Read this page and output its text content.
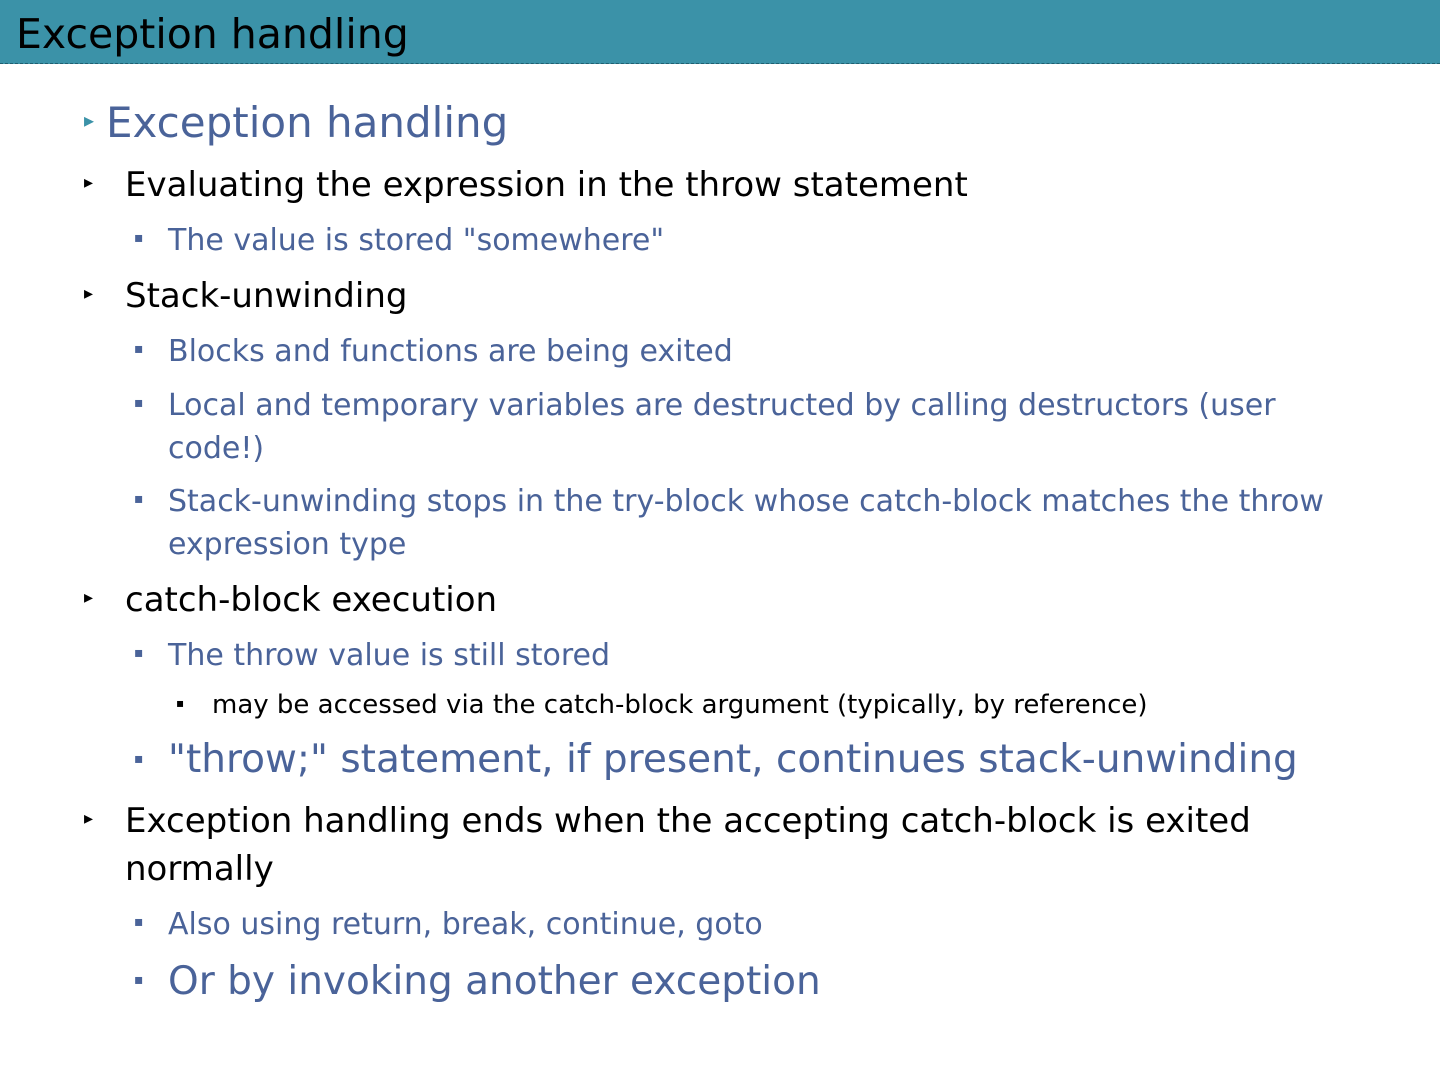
Exception handling
▸ Exception handling
▸ Evaluating the expression in the throw statement
▪ The value is stored "somewhere"
▸ Stack-unwinding
▪ Blocks and functions are being exited
▪ Local and temporary variables are destructed by calling destructors (user
code!)
▪ Stack-unwinding stops in the try-block whose catch-block matches the throw
expression type
▸ catch-block execution
▪ The throw value is still stored
▪ may be accessed via the catch-block argument (typically, by reference)
▪ "throw;" statement, if present, continues stack-unwinding
▸ Exception handling ends when the accepting catch-block is exited
normally
▪ Also using return, break, continue, goto
▪ Or by invoking another exception
